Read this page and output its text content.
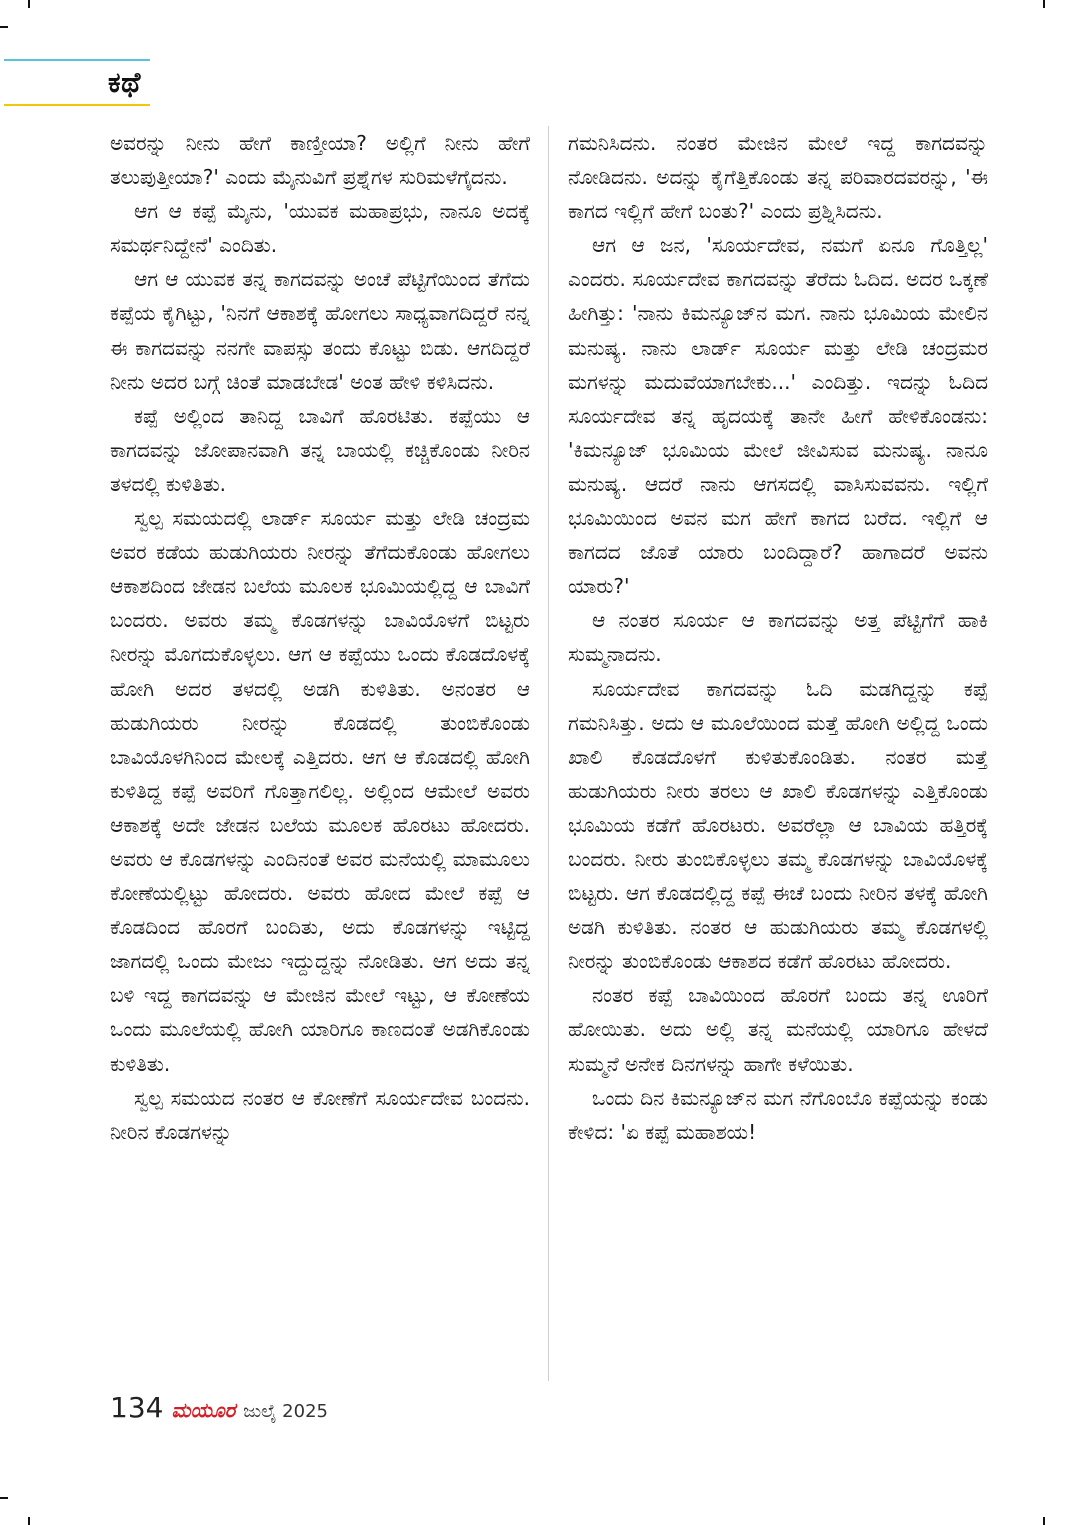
ಕಥೆ

ಅವರನ್ನು ನೀನು ಹೇಗೆ ಕಾಣ್ತೀಯಾ? ಅಲ್ಲಿಗೆ ನೀನು ಹೇಗೆ ತಲುಪುತ್ತೀಯಾ?' ಎಂದು ಮೈನುವಿಗೆ ಪ್ರಶ್ನೆಗಳ ಸುರಿಮಳೆಗೈದನು.

ಆಗ ಆ ಕಪ್ಪೆ ಮೈನು, 'ಯುವಕ ಮಹಾಪ್ರಭು, ನಾನೂ ಅದಕ್ಕೆ ಸಮರ್ಥನಿದ್ದೇನೆ' ಎಂದಿತು.

ಆಗ ಆ ಯುವಕ ತನ್ನ ಕಾಗದವನ್ನು ಅಂಚೆ ಪೆಟ್ಟಿಗೆಯಿಂದ ತೆಗೆದು ಕಪ್ಪೆಯ ಕೈಗಿಟ್ಟು, 'ನಿನಗೆ ಆಕಾಶಕ್ಕೆ ಹೋಗಲು ಸಾಧ್ಯವಾಗದಿದ್ದರೆ ನನ್ನ ಈ ಕಾಗದವನ್ನು ನನಗೇ ವಾಪಸ್ಸು ತಂದು ಕೊಟ್ಟು ಬಿಡು. ಆಗದಿದ್ದರೆ ನೀನು ಅದರ ಬಗ್ಗೆ ಚಿಂತೆ ಮಾಡಬೇಡ' ಅಂತ ಹೇಳಿ ಕಳಿಸಿದನು.

ಕಪ್ಪೆ ಅಲ್ಲಿಂದ ತಾನಿದ್ದ ಬಾವಿಗೆ ಹೊರಟಿತು. ಕಪ್ಪೆಯು ಆ ಕಾಗದವನ್ನು ಜೋಪಾನವಾಗಿ ತನ್ನ ಬಾಯಲ್ಲಿ ಕಚ್ಚಿಕೊಂಡು ನೀರಿನ ತಳದಲ್ಲಿ ಕುಳಿತಿತು.

ಸ್ವಲ್ಪ ಸಮಯದಲ್ಲಿ ಲಾರ್ಡ್ ಸೂರ್ಯ ಮತ್ತು ಲೇಡಿ ಚಂದ್ರಮ ಅವರ ಕಡೆಯ ಹುಡುಗಿಯರು ನೀರನ್ನು ತೆಗೆದುಕೊಂಡು ಹೋಗಲು ಆಕಾಶದಿಂದ ಜೇಡನ ಬಲೆಯ ಮೂಲಕ ಭೂಮಿಯಲ್ಲಿದ್ದ ಆ ಬಾವಿಗೆ ಬಂದರು. ಅವರು ತಮ್ಮ ಕೊಡಗಳನ್ನು ಬಾವಿಯೊಳಗೆ ಬಿಟ್ಟರು ನೀರನ್ನು ಮೊಗದುಕೊಳ್ಳಲು. ಆಗ ಆ ಕಪ್ಪೆಯು ಒಂದು ಕೊಡದೊಳಕ್ಕೆ ಹೋಗಿ ಅದರ ತಳದಲ್ಲಿ ಅಡಗಿ ಕುಳಿತಿತು. ಅನಂತರ ಆ ಹುಡುಗಿಯರು ನೀರನ್ನು ಕೊಡದಲ್ಲಿ ತುಂಬಿಕೊಂಡು ಬಾವಿಯೊಳಗಿನಿಂದ ಮೇಲಕ್ಕೆ ಎತ್ತಿದರು. ಆಗ ಆ ಕೊಡದಲ್ಲಿ ಹೋಗಿ ಕುಳಿತಿದ್ದ ಕಪ್ಪೆ ಅವರಿಗೆ ಗೊತ್ತಾಗಲಿಲ್ಲ. ಅಲ್ಲಿಂದ ಆಮೇಲೆ ಅವರು ಆಕಾಶಕ್ಕೆ ಅದೇ ಜೇಡನ ಬಲೆಯ ಮೂಲಕ ಹೊರಟು ಹೋದರು. ಅವರು ಆ ಕೊಡಗಳನ್ನು ಎಂದಿನಂತೆ ಅವರ ಮನೆಯಲ್ಲಿ ಮಾಮೂಲು ಕೋಣೆಯಲ್ಲಿಟ್ಟು ಹೋದರು. ಅವರು ಹೋದ ಮೇಲೆ ಕಪ್ಪೆ ಆ ಕೊಡದಿಂದ ಹೊರಗೆ ಬಂದಿತು, ಅದು ಕೊಡಗಳನ್ನು ಇಟ್ಟಿದ್ದ ಜಾಗದಲ್ಲಿ ಒಂದು ಮೇಜು ಇದ್ದುದ್ದನ್ನು ನೋಡಿತು. ಆಗ ಅದು ತನ್ನ ಬಳಿ ಇದ್ದ ಕಾಗದವನ್ನು ಆ ಮೇಜಿನ ಮೇಲೆ ಇಟ್ಟು, ಆ ಕೋಣೆಯ ಒಂದು ಮೂಲೆಯಲ್ಲಿ ಹೋಗಿ ಯಾರಿಗೂ ಕಾಣದಂತೆ ಅಡಗಿಕೊಂಡು ಕುಳಿತಿತು.

ಸ್ವಲ್ಪ ಸಮಯದ ನಂತರ ಆ ಕೋಣೆಗೆ ಸೂರ್ಯದೇವ ಬಂದನು. ನೀರಿನ ಕೊಡಗಳನ್ನು

ಗಮನಿಸಿದನು. ನಂತರ ಮೇಜಿನ ಮೇಲೆ ಇದ್ದ ಕಾಗದವನ್ನು ನೋಡಿದನು. ಅದನ್ನು ಕೈಗೆತ್ತಿಕೊಂಡು ತನ್ನ ಪರಿವಾರದವರನ್ನು, 'ಈ ಕಾಗದ ಇಲ್ಲಿಗೆ ಹೇಗೆ ಬಂತು?' ಎಂದು ಪ್ರಶ್ನಿಸಿದನು.

ಆಗ ಆ ಜನ, 'ಸೂರ್ಯದೇವ, ನಮಗೆ ಏನೂ ಗೊತ್ತಿಲ್ಲ' ಎಂದರು. ಸೂರ್ಯದೇವ ಕಾಗದವನ್ನು ತೆರೆದು ಓದಿದ. ಅದರ ಒಕ್ಕಣೆ ಹೀಗಿತ್ತು: 'ನಾನು ಕಿಮನ್ಯೂಜ್‌ನ ಮಗ. ನಾನು ಭೂಮಿಯ ಮೇಲಿನ ಮನುಷ್ಯ. ನಾನು ಲಾರ್ಡ್ ಸೂರ್ಯ ಮತ್ತು ಲೇಡಿ ಚಂದ್ರಮರ ಮಗಳನ್ನು ಮದುವೆಯಾಗಬೇಕು...' ಎಂದಿತ್ತು. ಇದನ್ನು ಓದಿದ ಸೂರ್ಯದೇವ ತನ್ನ ಹೃದಯಕ್ಕೆ ತಾನೇ ಹೀಗೆ ಹೇಳಿಕೊಂಡನು: 'ಕಿಮನ್ಯೂಜ್ ಭೂಮಿಯ ಮೇಲೆ ಜೀವಿಸುವ ಮನುಷ್ಯ. ನಾನೂ ಮನುಷ್ಯ. ಆದರೆ ನಾನು ಆಗಸದಲ್ಲಿ ವಾಸಿಸುವವನು. ಇಲ್ಲಿಗೆ ಭೂಮಿಯಿಂದ ಅವನ ಮಗ ಹೇಗೆ ಕಾಗದ ಬರೆದ. ಇಲ್ಲಿಗೆ ಆ ಕಾಗದದ ಜೊತೆ ಯಾರು ಬಂದಿದ್ದಾರೆ? ಹಾಗಾದರೆ ಅವನು ಯಾರು?'

ಆ ನಂತರ ಸೂರ್ಯ ಆ ಕಾಗದವನ್ನು ಅತ್ತ ಪೆಟ್ಟಿಗೆಗೆ ಹಾಕಿ ಸುಮ್ಮನಾದನು.

ಸೂರ್ಯದೇವ ಕಾಗದವನ್ನು ಓದಿ ಮಡಗಿದ್ದನ್ನು ಕಪ್ಪೆ ಗಮನಿಸಿತ್ತು. ಅದು ಆ ಮೂಲೆಯಿಂದ ಮತ್ತೆ ಹೋಗಿ ಅಲ್ಲಿದ್ದ ಒಂದು ಖಾಲಿ ಕೊಡದೊಳಗೆ ಕುಳಿತುಕೊಂಡಿತು. ನಂತರ ಮತ್ತೆ ಹುಡುಗಿಯರು ನೀರು ತರಲು ಆ ಖಾಲಿ ಕೊಡಗಳನ್ನು ಎತ್ತಿಕೊಂಡು ಭೂಮಿಯ ಕಡೆಗೆ ಹೊರಟರು. ಅವರೆಲ್ಲಾ ಆ ಬಾವಿಯ ಹತ್ತಿರಕ್ಕೆ ಬಂದರು. ನೀರು ತುಂಬಿಕೊಳ್ಳಲು ತಮ್ಮ ಕೊಡಗಳನ್ನು ಬಾವಿಯೊಳಕ್ಕೆ ಬಿಟ್ಟರು. ಆಗ ಕೊಡದಲ್ಲಿದ್ದ ಕಪ್ಪೆ ಈಚೆ ಬಂದು ನೀರಿನ ತಳಕ್ಕೆ ಹೋಗಿ ಅಡಗಿ ಕುಳಿತಿತು. ನಂತರ ಆ ಹುಡುಗಿಯರು ತಮ್ಮ ಕೊಡಗಳಲ್ಲಿ ನೀರನ್ನು ತುಂಬಿಕೊಂಡು ಆಕಾಶದ ಕಡೆಗೆ ಹೊರಟು ಹೋದರು.

ನಂತರ ಕಪ್ಪೆ ಬಾವಿಯಿಂದ ಹೊರಗೆ ಬಂದು ತನ್ನ ಊರಿಗೆ ಹೋಯಿತು. ಅದು ಅಲ್ಲಿ ತನ್ನ ಮನೆಯಲ್ಲಿ ಯಾರಿಗೂ ಹೇಳದೆ ಸುಮ್ಮನೆ ಅನೇಕ ದಿನಗಳನ್ನು ಹಾಗೇ ಕಳೆಯಿತು.

ಒಂದು ದಿನ ಕಿಮನ್ಯೂಜ್‌ನ ಮಗ ನೆಗೊಂಬೊ ಕಪ್ಪೆಯನ್ನು ಕಂಡು ಕೇಳಿದ: 'ಏ ಕಪ್ಪೆ ಮಹಾಶಯ!

134 ಮಯೂರ ಜುಲೈ 2025
